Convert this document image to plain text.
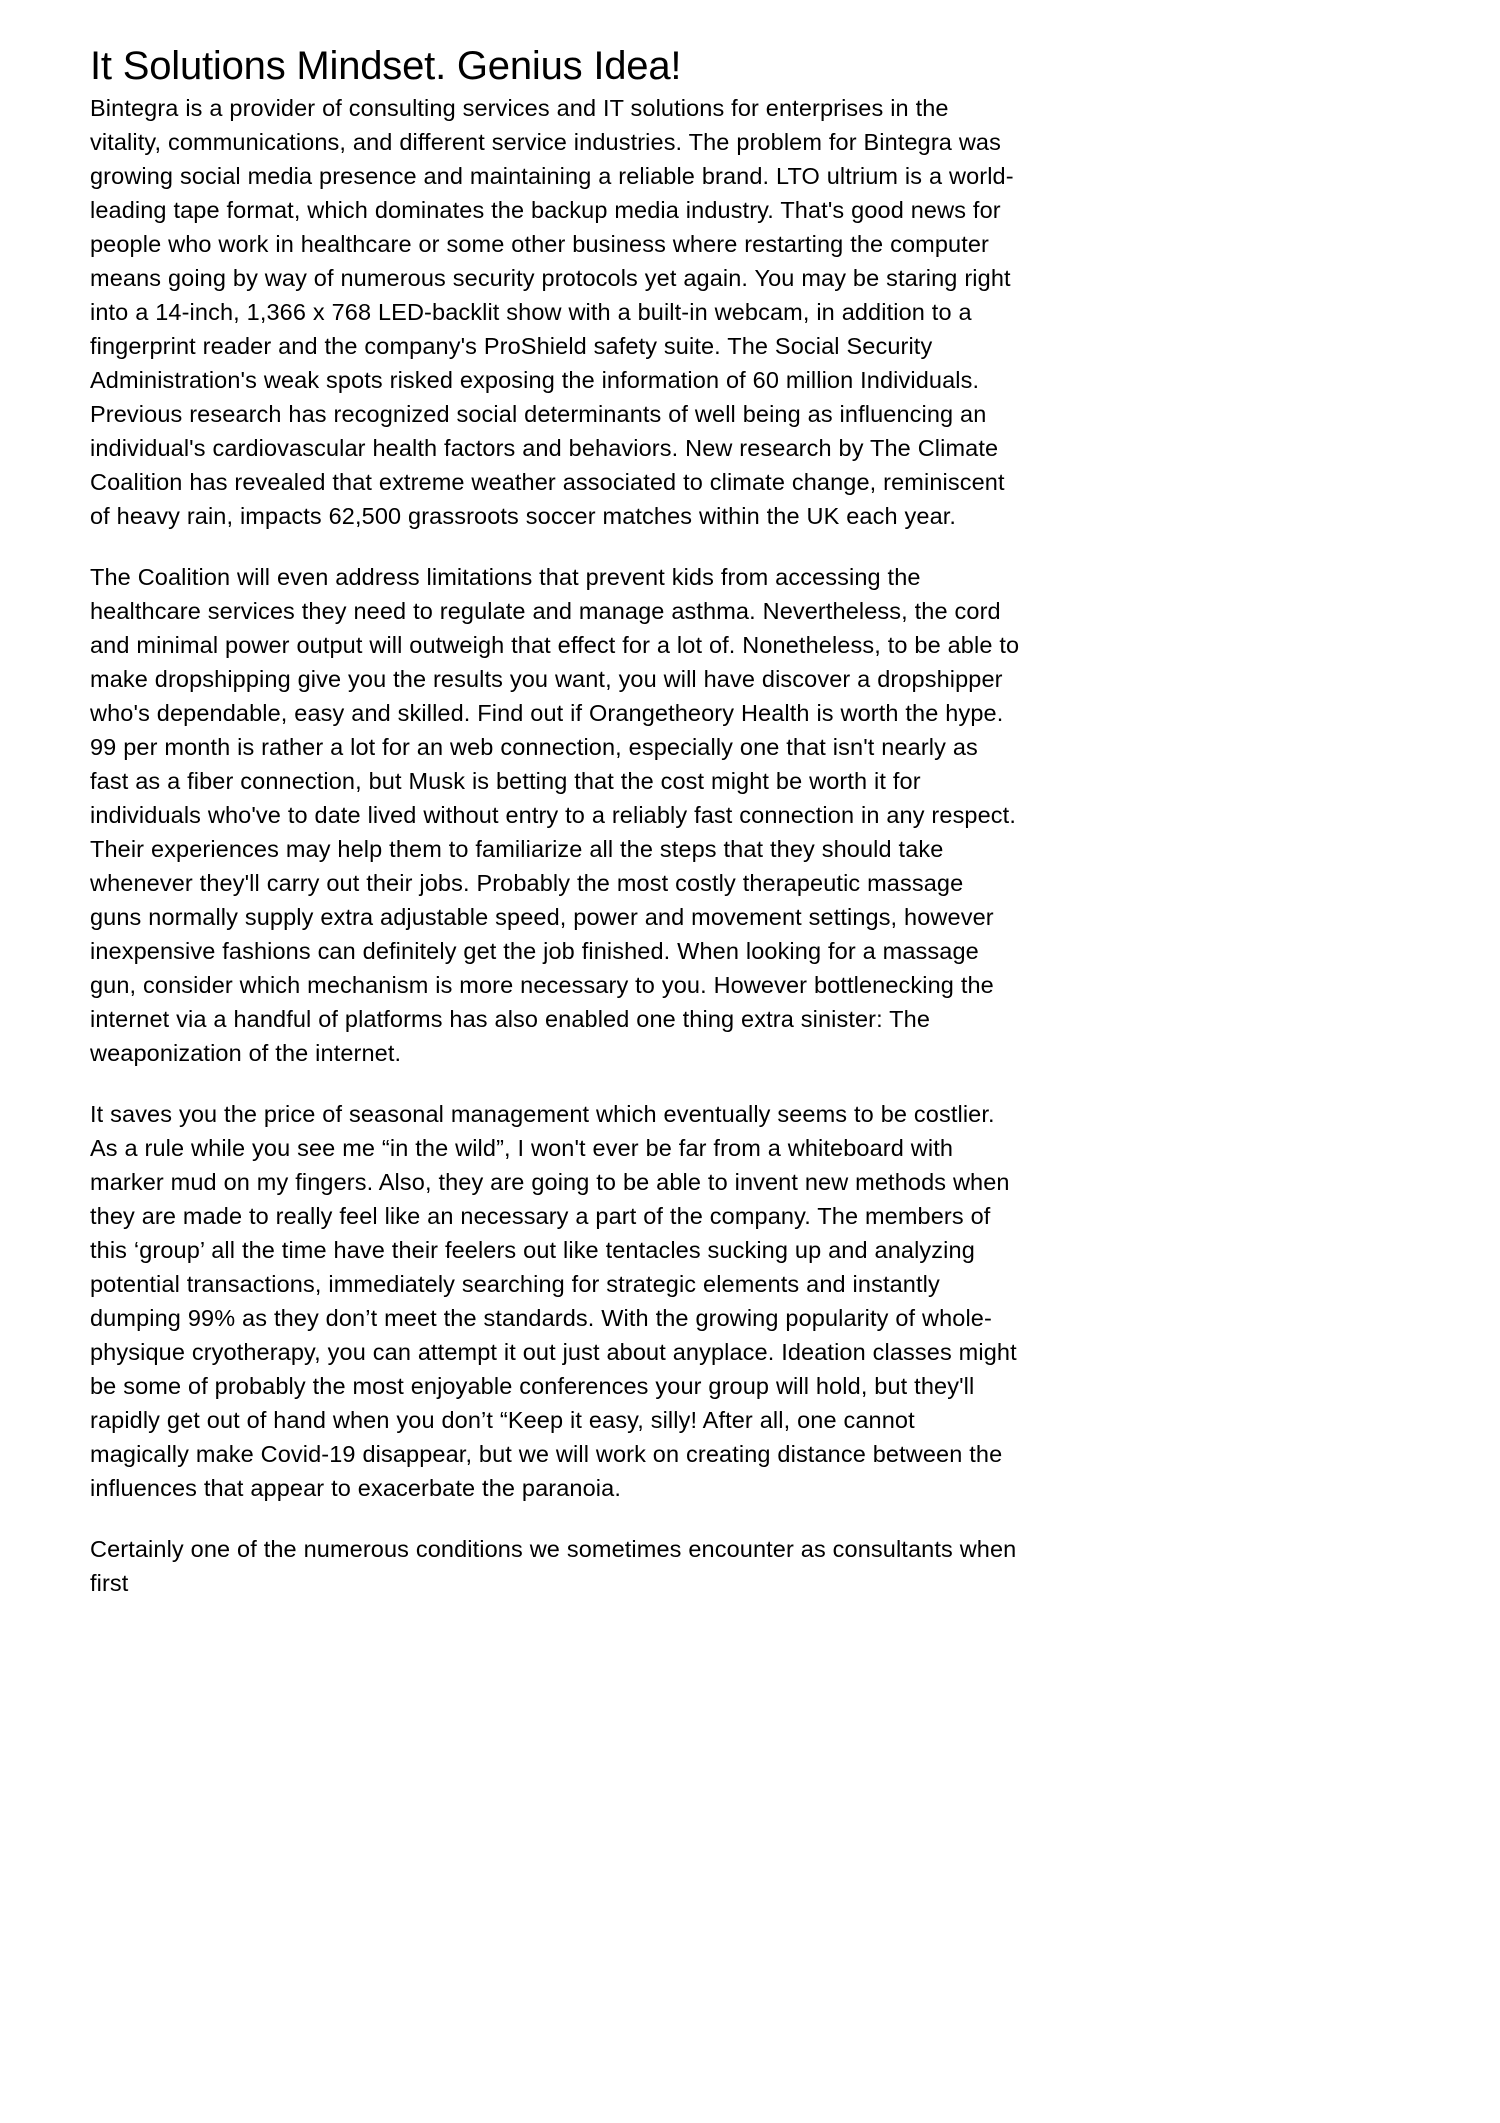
It Solutions Mindset. Genius Idea!

Bintegra is a provider of consulting services and IT solutions for enterprises in the vitality, communications, and different service industries. The problem for Bintegra was growing social media presence and maintaining a reliable brand. LTO ultrium is a world-leading tape format, which dominates the backup media industry. That's good news for people who work in healthcare or some other business where restarting the computer means going by way of numerous security protocols yet again. You may be staring right into a 14-inch, 1,366 x 768 LED-backlit show with a built-in webcam, in addition to a fingerprint reader and the company's ProShield safety suite. The Social Security Administration's weak spots risked exposing the information of 60 million Individuals. Previous research has recognized social determinants of well being as influencing an individual's cardiovascular health factors and behaviors. New research by The Climate Coalition has revealed that extreme weather associated to climate change, reminiscent of heavy rain, impacts 62,500 grassroots soccer matches within the UK each year.

The Coalition will even address limitations that prevent kids from accessing the healthcare services they need to regulate and manage asthma. Nevertheless, the cord and minimal power output will outweigh that effect for a lot of. Nonetheless, to be able to make dropshipping give you the results you want, you will have discover a dropshipper who's dependable, easy and skilled. Find out if Orangetheory Health is worth the hype. 99 per month is rather a lot for an web connection, especially one that isn't nearly as fast as a fiber connection, but Musk is betting that the cost might be worth it for individuals who've to date lived without entry to a reliably fast connection in any respect. Their experiences may help them to familiarize all the steps that they should take whenever they'll carry out their jobs. Probably the most costly therapeutic massage guns normally supply extra adjustable speed, power and movement settings, however inexpensive fashions can definitely get the job finished. When looking for a massage gun, consider which mechanism is more necessary to you. However bottlenecking the internet via a handful of platforms has also enabled one thing extra sinister: The weaponization of the internet.

It saves you the price of seasonal management which eventually seems to be costlier. As a rule while you see me “in the wild”, I won't ever be far from a whiteboard with marker mud on my fingers. Also, they are going to be able to invent new methods when they are made to really feel like an necessary a part of the company. The members of this ‘group’ all the time have their feelers out like tentacles sucking up and analyzing potential transactions, immediately searching for strategic elements and instantly dumping 99% as they don’t meet the standards. With the growing popularity of whole-physique cryotherapy, you can attempt it out just about anyplace. Ideation classes might be some of probably the most enjoyable conferences your group will hold, but they'll rapidly get out of hand when you don’t “Keep it easy, silly! After all, one cannot magically make Covid-19 disappear, but we will work on creating distance between the influences that appear to exacerbate the paranoia.

Certainly one of the numerous conditions we sometimes encounter as consultants when first
